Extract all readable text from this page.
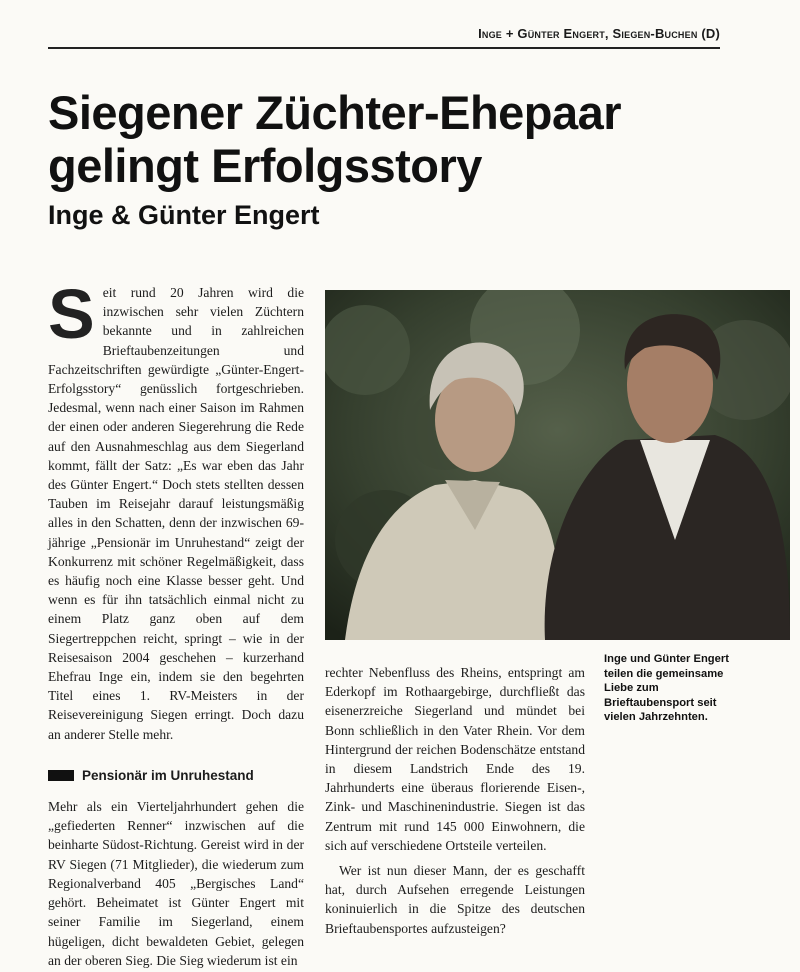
Inge + Günter Engert, Siegen-Buchen (D)
Siegener Züchter-Ehepaar gelingt Erfolgsstory
Inge & Günter Engert

Seit rund 20 Jahren wird die inzwischen sehr vielen Züchtern bekannte und in zahlreichen Brieftaubenzeitungen und Fachzeitschriften gewürdigte „Günter-Engert-Erfolgsstory“ genüsslich fortgeschrieben. Jedesmal, wenn nach einer Saison im Rahmen der einen oder anderen Siegerehrung die Rede auf den Ausnahmeschlag aus dem Siegerland kommt, fällt der Satz: „Es war eben das Jahr des Günter Engert.“ Doch stets stellten dessen Tauben im Reisejahr darauf leistungsmäßig alles in den Schatten, denn der inzwischen 69-jährige „Pensionär im Unruhestand“ zeigt der Konkurrenz mit schöner Regelmäßigkeit, dass es häufig noch eine Klasse besser geht. Und wenn es für ihn tatsächlich einmal nicht zu einem Platz ganz oben auf dem Siegertreppchen reicht, springt – wie in der Reisesaison 2004 geschehen – kurzerhand Ehefrau Inge ein, indem sie den begehrten Titel eines 1. RV-Meisters in der Reisevereinigung Siegen erringt. Doch dazu an anderer Stelle mehr.

Pensionär im Unruhestand

Mehr als ein Vierteljahrhundert gehen die „gefiederten Renner“ inzwischen auf die beinharte Südost-Richtung. Gereist wird in der RV Siegen (71 Mitglieder), die wiederum zum Regionalverband 405 „Bergisches Land“ gehört. Beheimatet ist Günter Engert mit seiner Familie im Siegerland, einem hügeligen, dicht bewaldeten Gebiet, gelegen an der oberen Sieg. Die Sieg wiederum ist ein

rechter Nebenfluss des Rheins, entspringt am Ederkopf im Rothaargebirge, durchfließt das eisenerzreiche Siegerland und mündet bei Bonn schließlich in den Vater Rhein. Vor dem Hintergrund der reichen Bodenschätze entstand in diesem Landstrich Ende des 19. Jahrhunderts eine überaus florierende Eisen-, Zink- und Maschinenindustrie. Siegen ist das Zentrum mit rund 145 000 Einwohnern, die sich auf verschiedene Ortsteile verteilen.

Wer ist nun dieser Mann, der es geschafft hat, durch Aufsehen erregende Leistungen koninuierlich in die Spitze des deutschen Brieftaubensportes aufzusteigen?

Inge und Günter Engert teilen die gemeinsame Liebe zum Brieftaubensport seit vielen Jahrzehnten.
